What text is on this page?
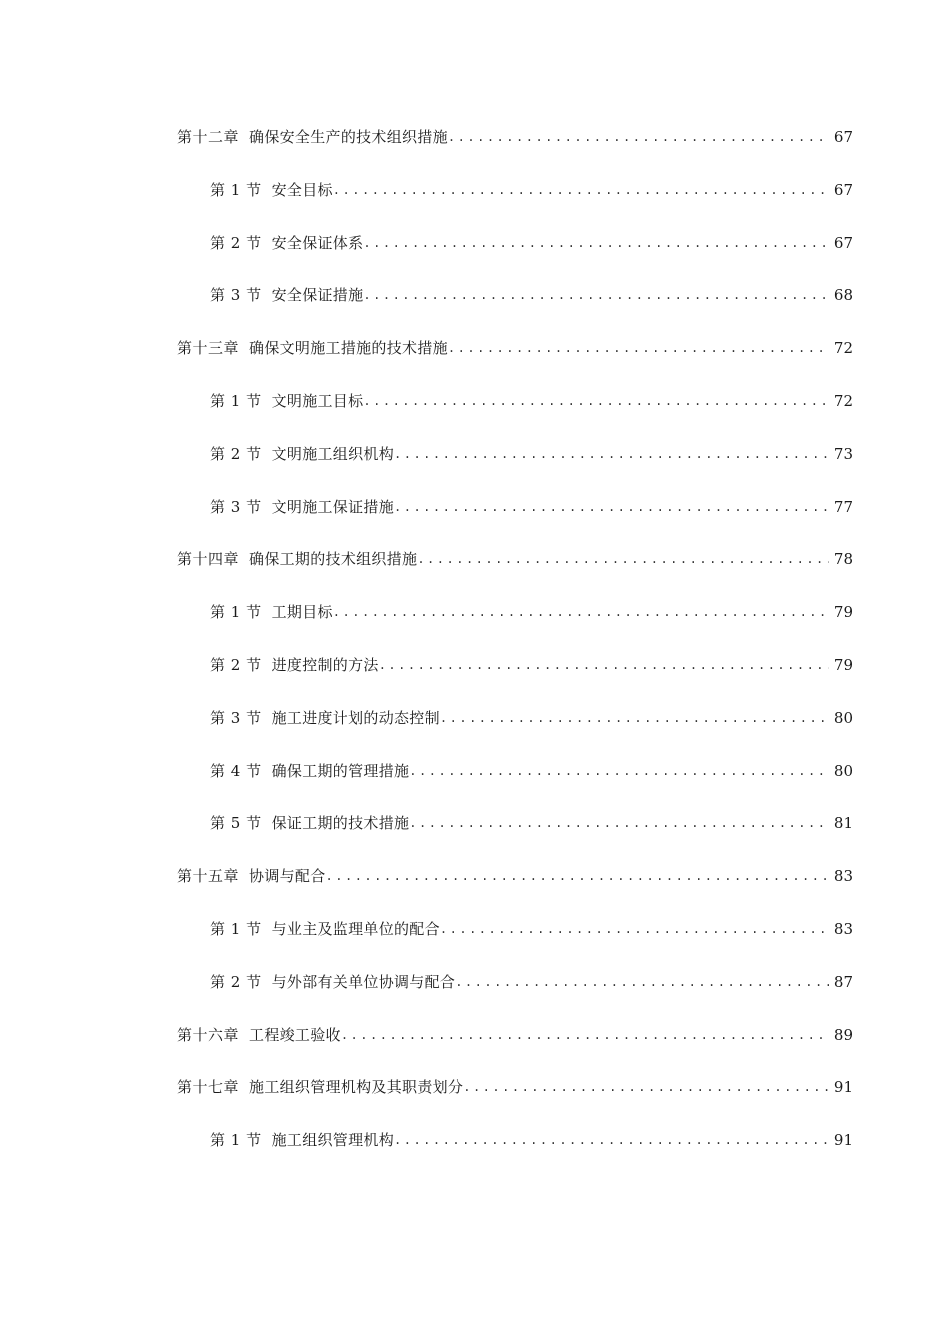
第十二章 确保安全生产的技术组织措施 .....	67
第 1 节 安全目标 .....	67
第 2 节 安全保证体系 .....	67
第 3 节 安全保证措施 .....	68
第十三章 确保文明施工措施的技术措施 .....	72
第 1 节 文明施工目标 .....	72
第 2 节 文明施工组织机构 .....	73
第 3 节 文明施工保证措施 .....	77
第十四章 确保工期的技术组织措施 .....	78
第 1 节 工期目标 .....	79
第 2 节 进度控制的方法 .....	79
第 3 节 施工进度计划的动态控制 .....	80
第 4 节 确保工期的管理措施 .....	80
第 5 节 保证工期的技术措施 .....	81
第十五章 协调与配合 .....	83
第 1 节 与业主及监理单位的配合 .....	83
第 2 节 与外部有关单位协调与配合 .....	87
第十六章 工程竣工验收 .....	89
第十七章 施工组织管理机构及其职责划分 .....	91
第 1 节 施工组织管理机构 .....	91
